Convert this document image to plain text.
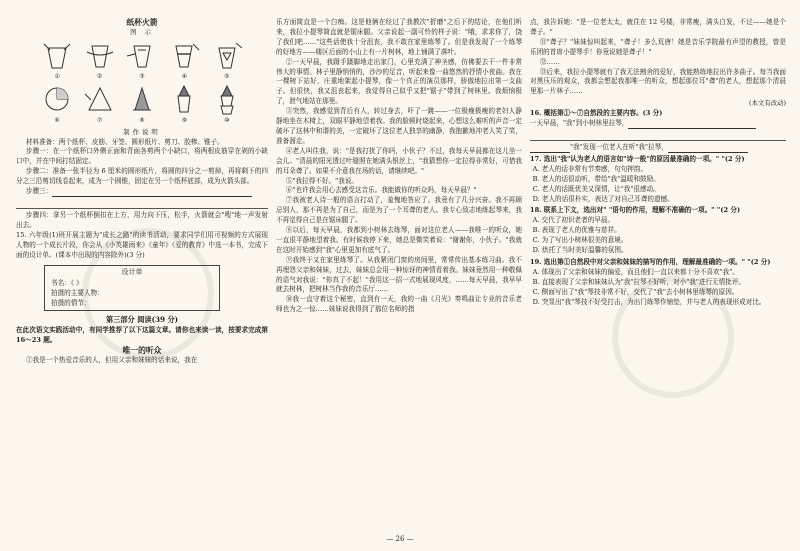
纸杯火箭

图 示

①	②	③	④	⑤
⑥	⑦	⑧	⑨	⑩

制作说明

材料准备：两个纸杯、皮筋、牙签、圆形纸片、剪刀、胶棒、锥子。

步骤一：在一个纸杯口外侧正面和背面各剪两个小缺口，将两根皮筋穿在剁的小缺口中，并在中间打结固定。

步骤二：准备一张半径为 6 厘米的圆形纸片，将圆的四分之一剪掉，再将剩下的四分之三沿剪切线卷起来，成为一个圆锥，固定在另一个纸杯底部，成为火箭头部。

步骤三：

步骤四：拿另一个纸杯倒扣在上方，用力向下压，松手，火箭就会"嗖"地一声发射出去。

15. 六年级(1)班开展主题为"成长之路"的读书活动，要求同学们用可视频的方式展现人物的一个成长片段，你会从《小英雄雨来》《童年》《爱的教育》中选一本书，完成下面的设计单。(课本中出现的内容除外)(3 分)

设计单
书名：《 》
拍摄的主要人物：
拍摄的情节：
第三部分 阅读(39 分)

在此次语文实践活动中，有同学推荐了以下这篇文章。请你也来读一读，按要求完成第 16～23 题。

唯一的听众

①我是一个热爱音乐的人，但用父亲和妹妹的话来说，我在

乐方面简直是一个白痴。这是他俩在经过了我教次"折磨"之后下的结论，在他们听来，我拉小提琴简直就是锯床腿。父亲说起一副可怜的样子说："哦，求求你了，饶了我们吧……"这些话使我十分沮丧，我不敢在家里练琴了。但是我发现了一个练琴的好地方——楼区后面的小山上有一片树林，地上铺满了落叶。

②一天早晨，我蹑手蹑脚地走出家门，心里充满了神圣感，仿佛要去干一件非常伟大的事情。林子里静悄悄的，沙沙的足音，听起来像一曲悠然的抒情小夜曲。我在一棵树下站好，庄重地架起小提琴，像一个真正的演员那样，骄傲地拉出第一支曲子。但很快，我又沮丧起来，我觉得自己似乎又把"锯子"带到了树林里。我烦恼极了，泄气地站在那里。

③突然，我感觉到背后有人，转过身去，吓了一跳——一位极瘦极瘦的老妇人静静地坐在木椅上，双眼平静地望着我。我的脸顿时烧起来，心想这么难听的声音一定破坏了这林中和谐的美，一定破坏了这位老人独享的幽静，我抱歉地冲老人笑了笑，准备溜走。

④老人叫住我，说："是我打扰了你吗，小伙子？不过，我每天早晨都在这儿坐一会儿。"清晨的阳光透过叶缝照在她满头银丝上，"我猜想你一定拉得非常好，可惜我的耳朵聋了。如果不介意我在场的话，请继续吧。"

⑤"我拉得不好。"我说。

⑥"也许我会用心去感受这音乐。我能做你的听众吗，每天早晨？"

⑦我被老人诗一般的语言打动了，羞愧地答应了。我竟有了几分兴奋。我不再顾忌别人，那不再是为了自己，而是为了一个耳聋的老人。我专心致志地练起琴来，我不再觉得自己是在锯床腿了。

⑧以后，每天早晨，我都到小树林去练琴，面对这位老人——我唯一的听众，她一直很平静地望着我。有时候我停下来，她总是微笑着说："谢谢你，小伙子。"我就在这时开始感到"我"心里更加有底气了。

⑨我终于又在家里练琴了。从我紧闭门窗的房间里，常常传出基本练习曲。我不再埋怨父亲和妹妹，过去，妹妹总会用一种惊讶的神情看着我。妹妹竟然用一种敬佩的语气对我说："你真了不起！"我用这一招一式地展现风度，……每天早晨，我早早就去树林，把树林当作我的音乐厅……

⑩我一直守着这个秘密，直到有一天，我的一曲《月光》奏鸣曲让专业的音乐老师也为之一惊……妹妹说我得到了那位名师的指

点，我告诉她："是一位老太太，就住在 12 号楼，非常瘦，满头白发，不过——她是个聋子。"

⑪"聋子？"妹妹惊叫起来，"聋子！多么荒唐！她是音乐学院最有声望的教授，曾是乐团的首席小提琴手！你竟说她是聋子！"

⑫……

⑬后来，我拉小提琴就有了我无法割舍的爱好，我能熟练地拉出许多曲子。每当我面对黑压压的观众，我都会想起我那唯一的听众，想起那位耳"聋"的老人，想起那个清晨里那一片林子……

(本文有改动)

16. 概括第①～⑦自然段的主要内容。(3 分)

一天早晨，"我"到小树林里拉琴，

"我"发现一位老人在听"我"拉琴，

17. 选出"我"认为老人的语言如"诗一般"的原因最准确的一项。" "(2 分)

A. 老人的话非常有节奏感，句句押韵。

B. 老人的话很动听，带给"我"温暖和鼓励。

C. 老人的话既优美又深情，让"我"很感动。

D. 老人的话很朴实，表达了对自己耳聋的遗憾。

18. 联系上下文，选出对" "语句的作用，理解不准确的一项。" "(2 分)

A. 交代了初识老者的早晨。

B. 表现了老人的优雅与慈祥。

C. 为了写出小树林很美的意境。

D. 烘托了当时美好温馨的氛围。

19. 选出第①自然段中对父亲和妹妹的描写的作用，理解最准确的一项。" "(2 分)

A. 体现出了父亲和妹妹的偏爱，而且他们一直以来都十分不喜欢"我"。

B. 直接表现了父亲和妹妹认为"我"拉琴不好听，对小"我"进行无情批评。

C. 侧面写出了"我"琴技非常不好，交代了"我"去小树林里练琴的原因。

D. 突显出"我"琴技不好受打击，为出门练琴作铺垫，并与老人的表现形成对比。

— 26 —
